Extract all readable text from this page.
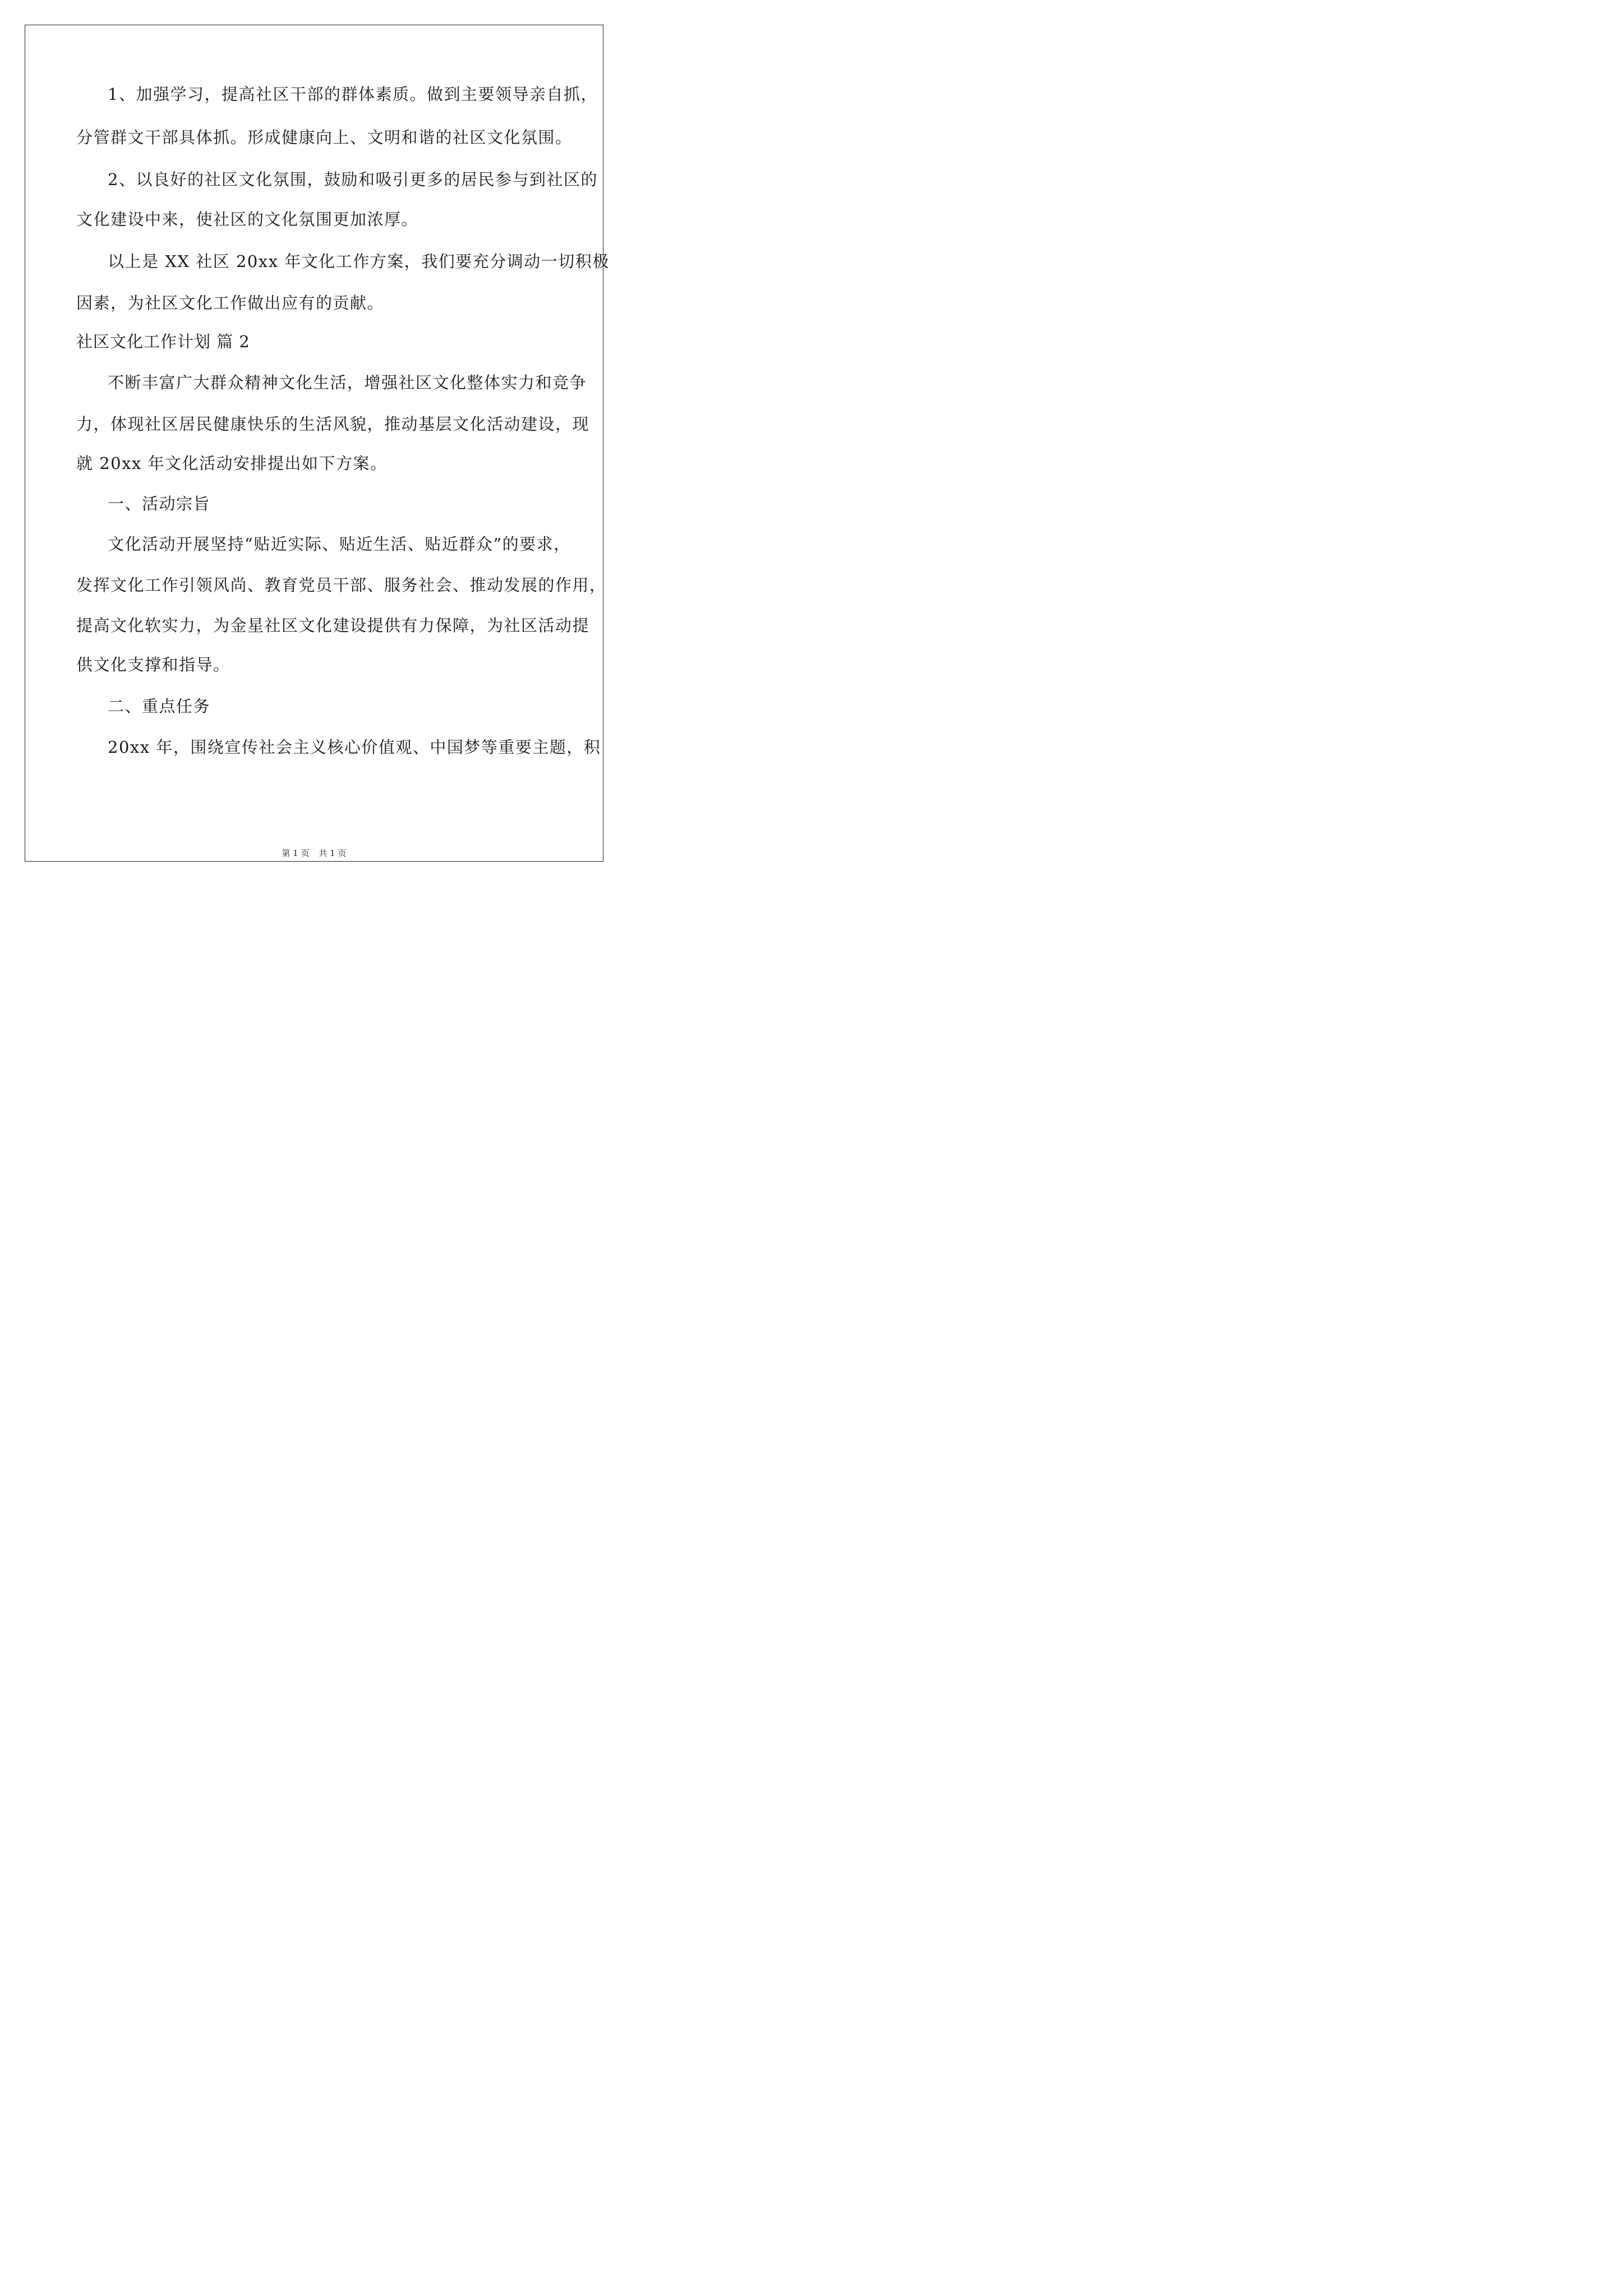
1、加强学习，提高社区干部的群体素质。做到主要领导亲自抓，
分管群文干部具体抓。形成健康向上、文明和谐的社区文化氛围。
2、以良好的社区文化氛围，鼓励和吸引更多的居民参与到社区的
文化建设中来，使社区的文化氛围更加浓厚。
以上是 XX 社区 20xx 年文化工作方案，我们要充分调动一切积极
因素，为社区文化工作做出应有的贡献。
社区文化工作计划 篇 2
不断丰富广大群众精神文化生活，增强社区文化整体实力和竞争
力，体现社区居民健康快乐的生活风貌，推动基层文化活动建设，现
就 20xx 年文化活动安排提出如下方案。
一、活动宗旨
文化活动开展坚持“贴近实际、贴近生活、贴近群众”的要求，
发挥文化工作引领风尚、教育党员干部、服务社会、推动发展的作用，
提高文化软实力，为金星社区文化建设提供有力保障，为社区活动提
供文化支撑和指导。
二、重点任务
20xx 年，围绕宣传社会主义核心价值观、中国梦等重要主题，积
第 1 页 共 1 页
